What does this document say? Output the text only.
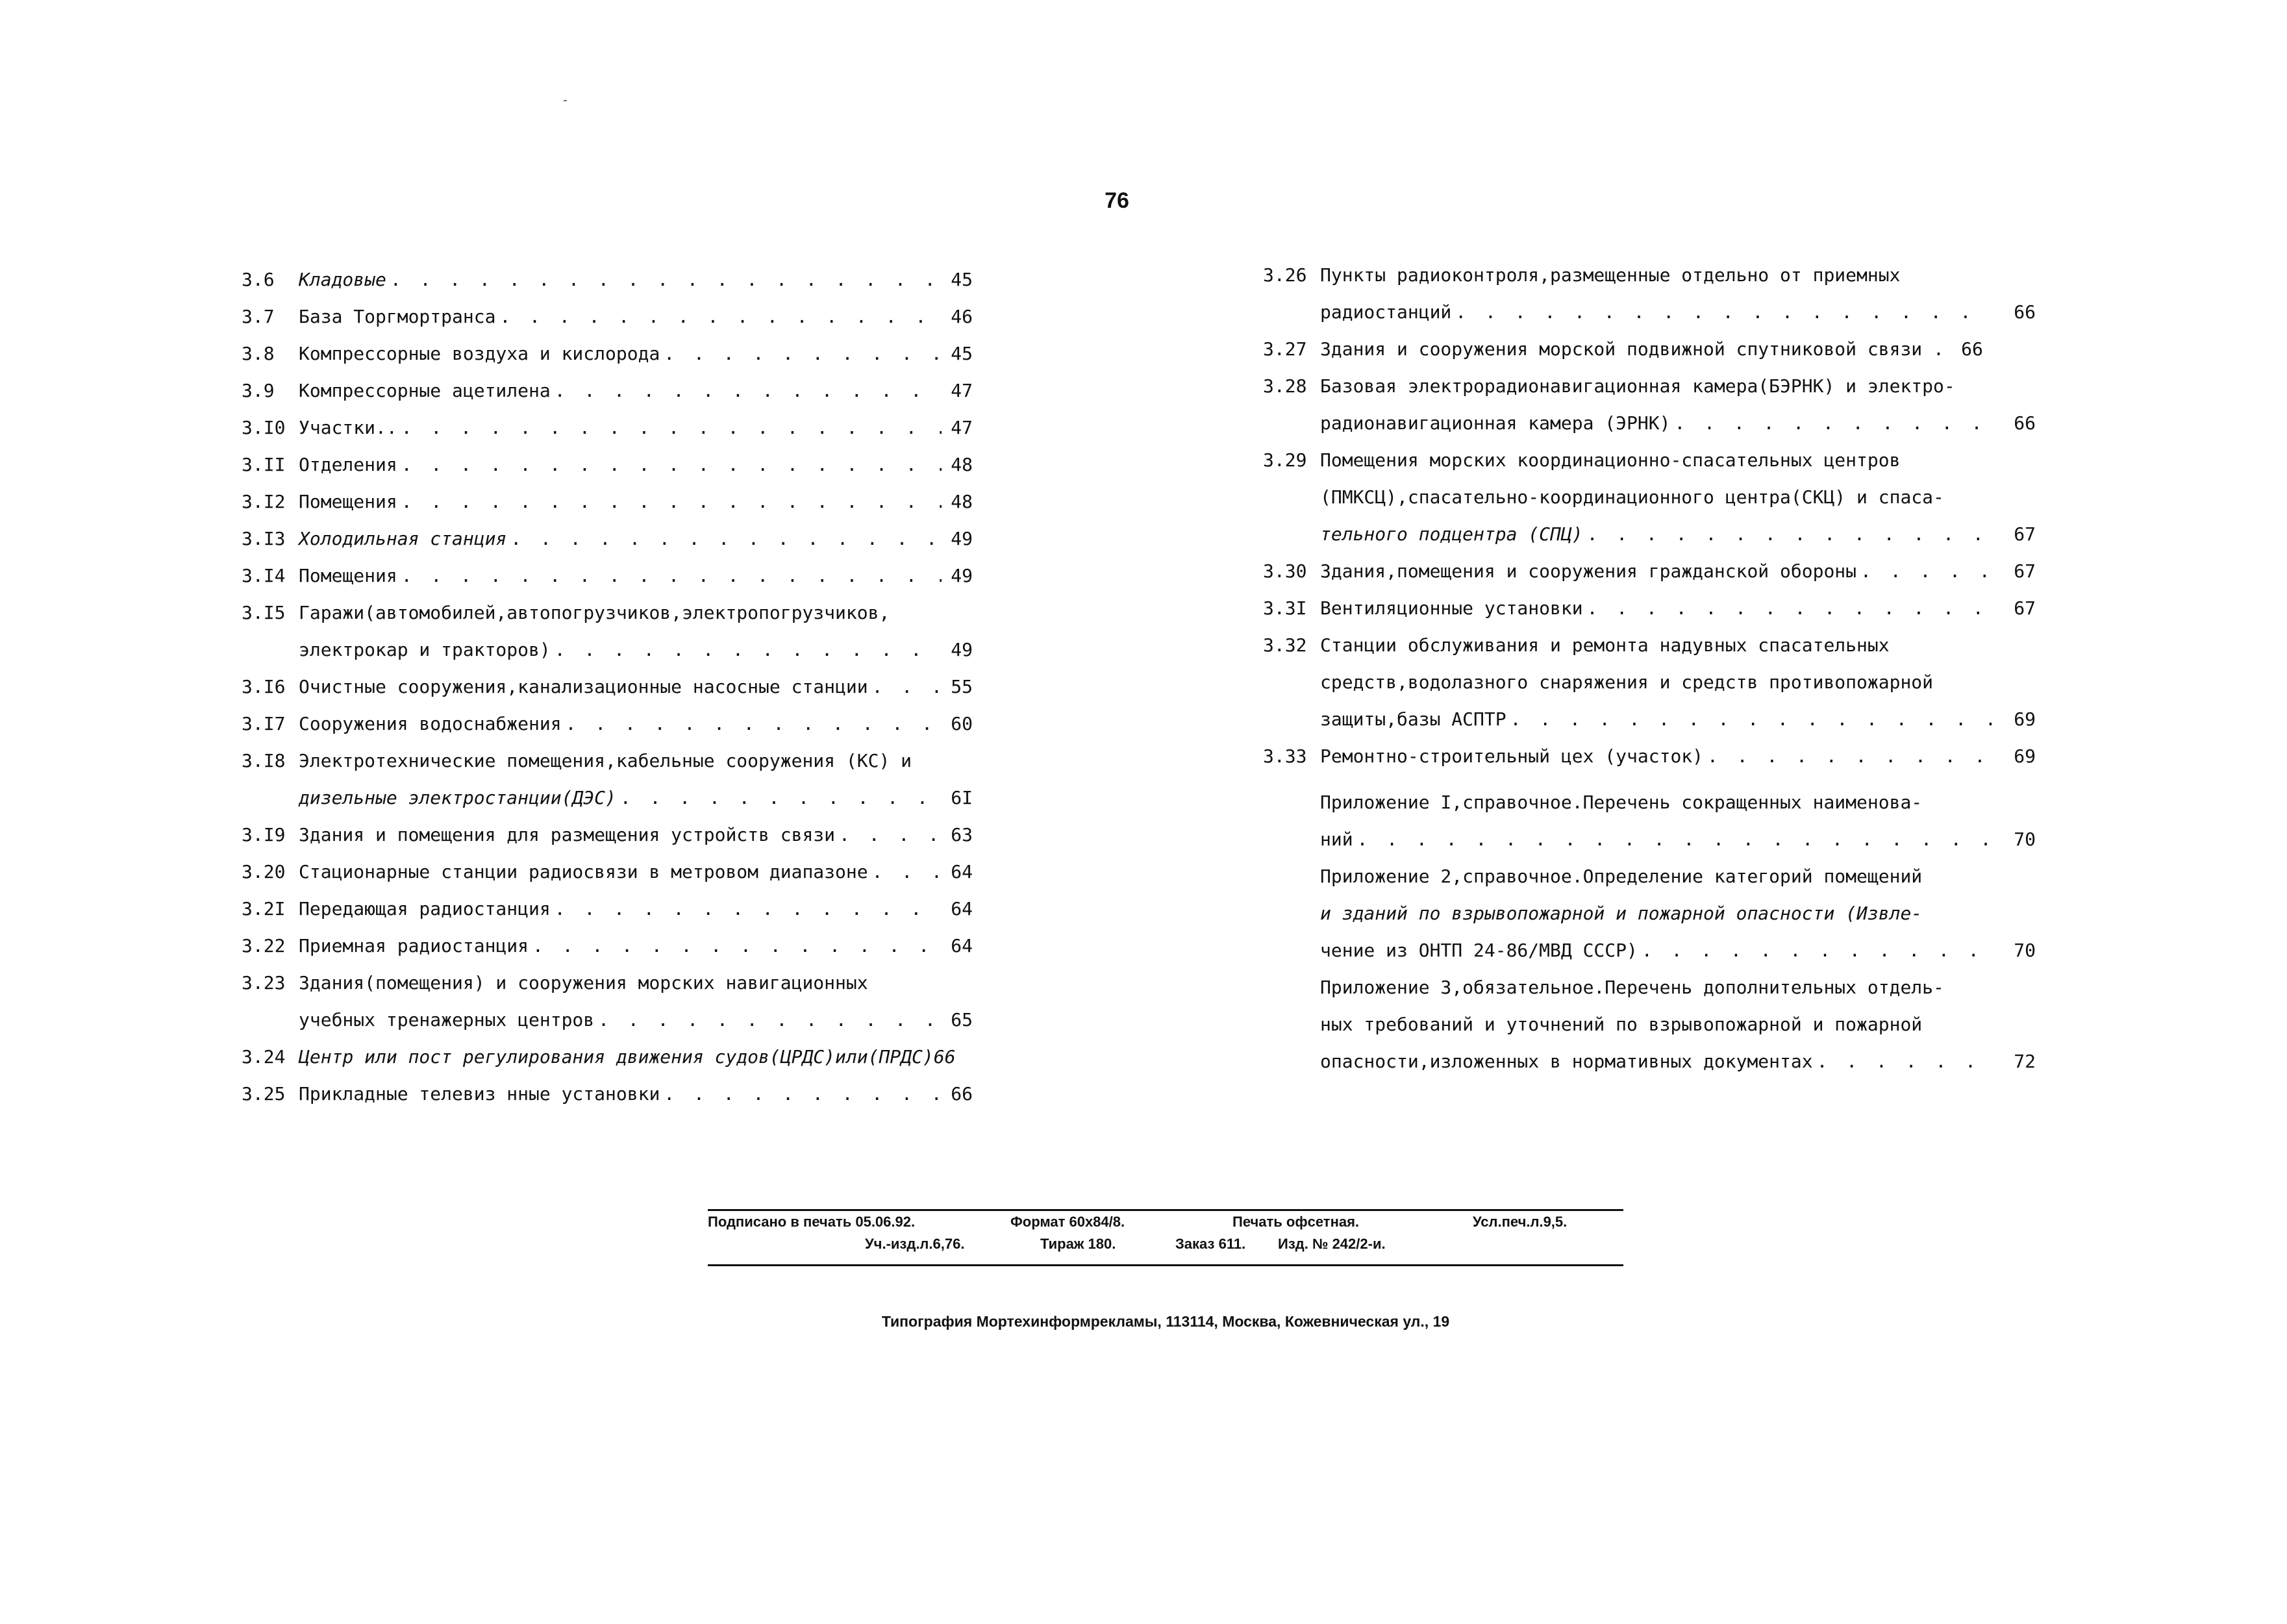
76
3.6	Кладовые . . .	45
3.7	База Торгмортранса . . .	46
3.8	Компрессорные воздуха и кислорода . . .	45
3.9	Компрессорные ацетилена . . .	47
3.I0 Участки.. . . .	47
3.II Отделения . . .	48
3.I2 Помещения . . .	48
3.I3 Холодильная станция . . .	49
3.I4 Помещения . . .	49
3.I5 Гаражи(автомобилей,автопогрузчиков,электропогрузчиков,
электрокар и тракторов) . . .	49
3.I6 Очистные сооружения,канализационные насосные станции . . .	55
3.I7 Сооружения водоснабжения . . .	60
3.I8 Электротехнические помещения,кабельные сооружения (КС) и
дизельные электростанции(ДЭС) . . .	6I
3.I9 Здания и помещения для размещения устройств связи . . .	63
3.20 Стационарные станции радиосвязи в метровом диапазоне . . .	64
3.2I Передающая радиостанция . . .	64
3.22 Приемная радиостанция . . .	64
3.23 Здания(помещения) и сооружения морских навигационных
учебных тренажерных центров . . .	65
3.24 Центр или пост регулирования движения судов(ЦРДС)или(ПРДС)66
3.25 Прикладные телевиз нные установки . . .	66
3.26 Пункты радиоконтроля,размещенные отдельно от приемных
радиостанций . . .	66
3.27 Здания и сооружения морской подвижной спутниковой связи . 66
3.28 Базовая электрорадионавигационная камера(БЭРНК) и электро-
радионавигационная камера (ЭРНК) . . .	66
3.29 Помещения морских координационно-спасательных центров
(ПМКСЦ),спасательно-координационного центра(СКЦ) и спаса-
тельного подцентра (СПЦ) . . .	67
3.30 Здания,помещения и сооружения гражданской обороны . . .	67
3.3I Вентиляционные установки . . .	67
3.32 Станции обслуживания и ремонта надувных спасательных
средств,водолазного снаряжения и средств противопожарной
защиты,базы АСПТР . . .	69
3.33 Ремонтно-строительный цех (участок) . . .	69
Приложение I,справочное.Перечень сокращенных наименова-
ний . . .	70
Приложение 2,справочное.Определение категорий помещений
и зданий по взрывопожарной и пожарной опасности (Извле-
чение из ОНТП 24-86/МВД СССР) . . .	70
Приложение 3,обязательное.Перечень дополнительных отдель-
ных требований и уточнений по взрывопожарной и пожарной
опасности,изложенных в нормативных документах . . .	72
Подписано в печать 05.06.92.	Формат 60х84/8.	Печать офсетная.	Усл.печ.л.9,5.
Уч.-изд.л.6,76.	Тираж 180.	Заказ 611. Изд. № 242/2-и.
Типография Мортехинформрекламы, 113114, Москва, Кожевническая ул., 19
